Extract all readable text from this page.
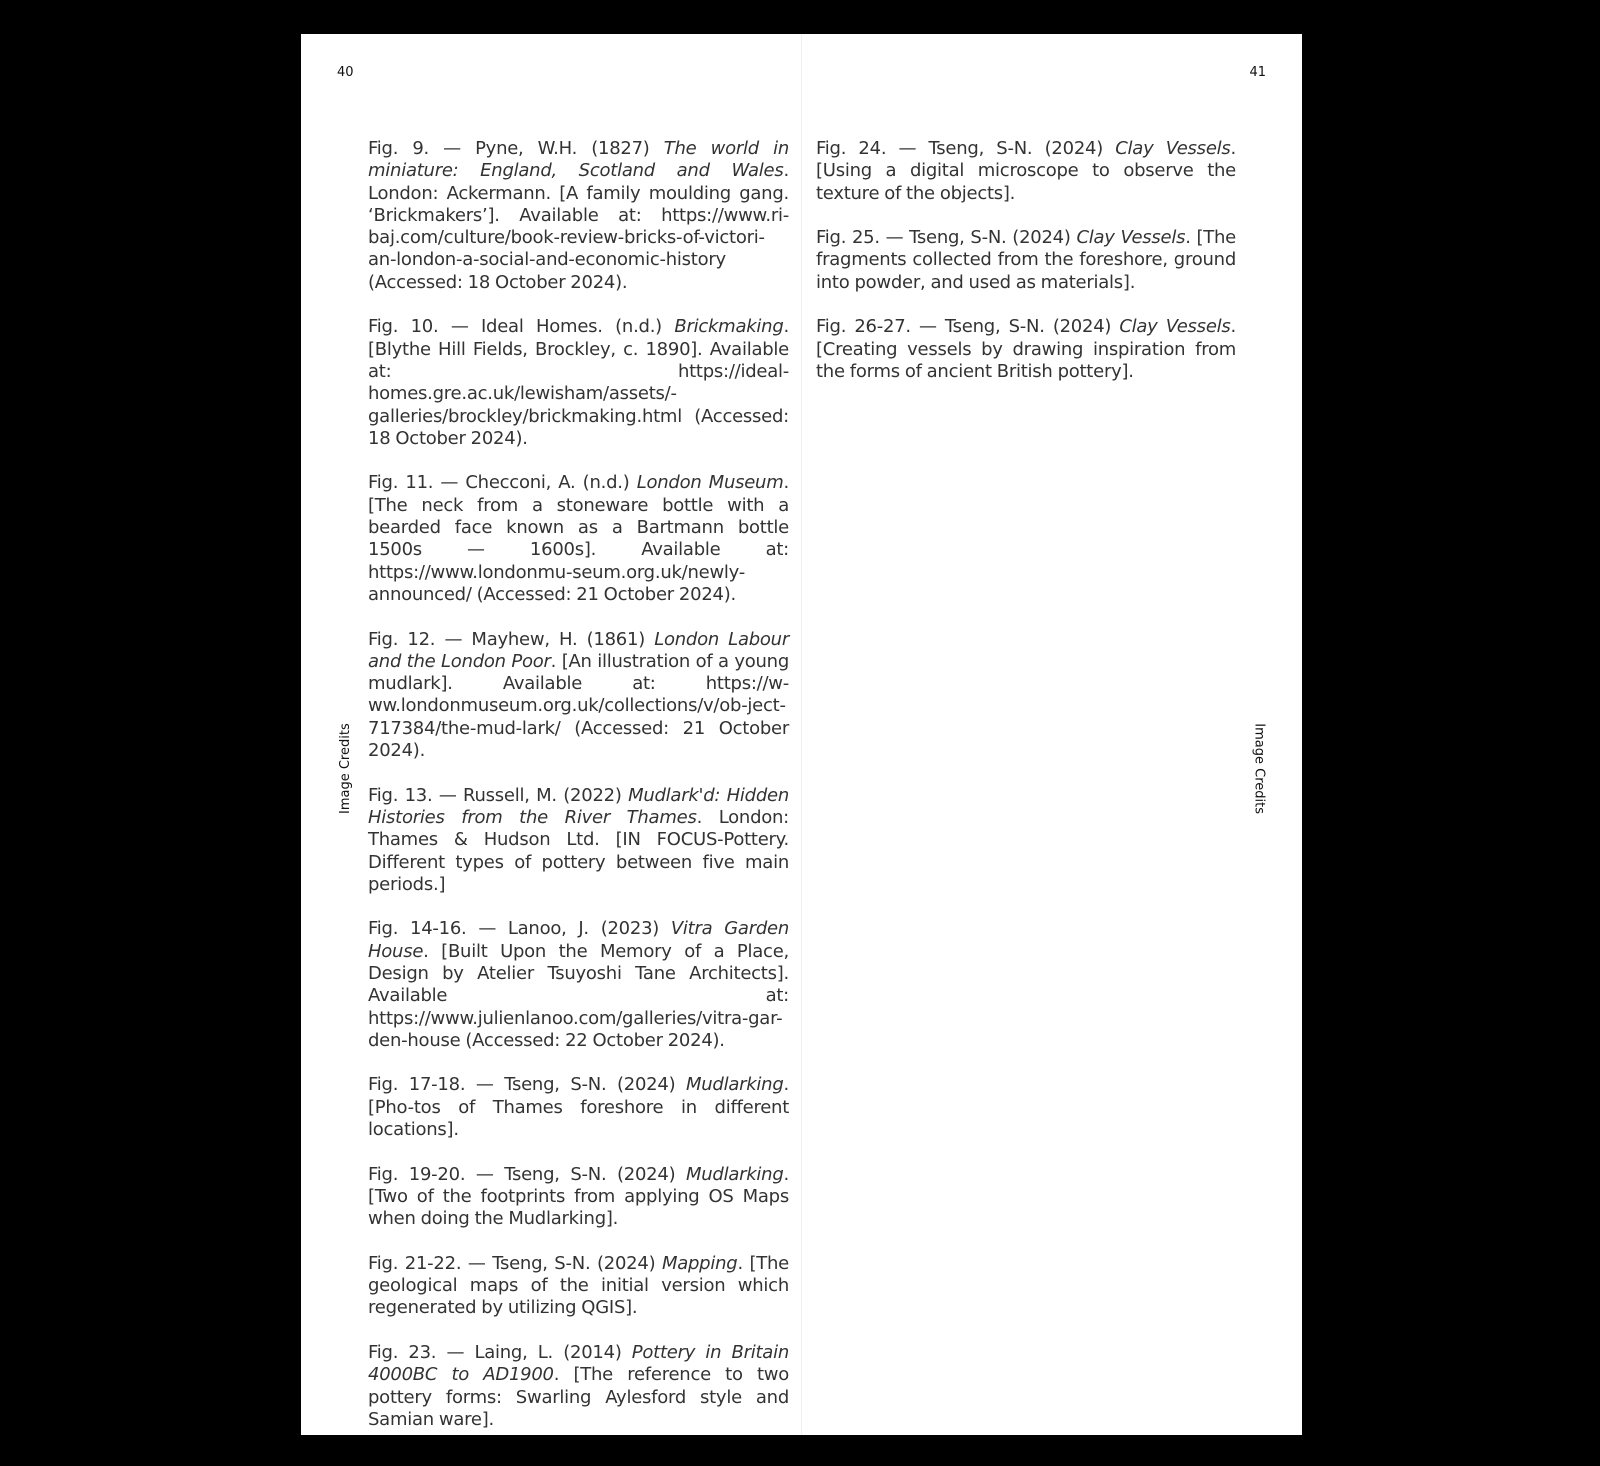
40
Image Credits

Fig. 9. — Pyne, W.H. (1827) The world in miniature: England, Scotland and Wales. London: Ackermann. [A family moulding gang. ‘Brickmakers’]. Available at: https://www.ri-baj.com/culture/book-review-bricks-of-victori-an-london-a-social-and-economic-history (Accessed: 18 October 2024).

Fig. 10. — Ideal Homes. (n.d.) Brickmaking. [Blythe Hill Fields, Brockley, c. 1890]. Available at: https://ideal-homes.gre.ac.uk/lewisham/assets/-galleries/brockley/brickmaking.html (Accessed: 18 October 2024).

Fig. 11. — Checconi, A. (n.d.) London Museum. [The neck from a stoneware bottle with a bearded face known as a Bartmann bottle 1500s — 1600s]. Available at: https://www.londonmu-seum.org.uk/newly-announced/ (Accessed: 21 October 2024).

Fig. 12. — Mayhew, H. (1861) London Labour and the London Poor. [An illustration of a young mudlark]. Available at: https://w-ww.londonmuseum.org.uk/collections/v/ob-ject-717384/the-mud-lark/ (Accessed: 21 October 2024).

Fig. 13. — Russell, M. (2022) Mudlark'd: Hidden Histories from the River Thames. London: Thames & Hudson Ltd. [IN FOCUS-Pottery. Different types of pottery between five main periods.]

Fig. 14-16. — Lanoo, J. (2023) Vitra Garden House. [Built Upon the Memory of a Place, Design by Atelier Tsuyoshi Tane Architects]. Available at: https://www.julienlanoo.com/galleries/vitra-gar-den-house (Accessed: 22 October 2024).

Fig. 17-18. — Tseng, S-N. (2024) Mudlarking. [Pho-tos of Thames foreshore in different locations].

Fig. 19-20. — Tseng, S-N. (2024) Mudlarking. [Two of the footprints from applying OS Maps when doing the Mudlarking].

Fig. 21-22. — Tseng, S-N. (2024) Mapping. [The geological maps of the initial version which regenerated by utilizing QGIS].

Fig. 23. — Laing, L. (2014) Pottery in Britain 4000BC to AD1900. [The reference to two pottery forms: Swarling Aylesford style and Samian ware].

41
Image Credits

Fig. 24. — Tseng, S-N. (2024) Clay Vessels. [Using a digital microscope to observe the texture of the objects].

Fig. 25. — Tseng, S-N. (2024) Clay Vessels. [The fragments collected from the foreshore, ground into powder, and used as materials].

Fig. 26-27. — Tseng, S-N. (2024) Clay Vessels. [Creating vessels by drawing inspiration from the forms of ancient British pottery].
